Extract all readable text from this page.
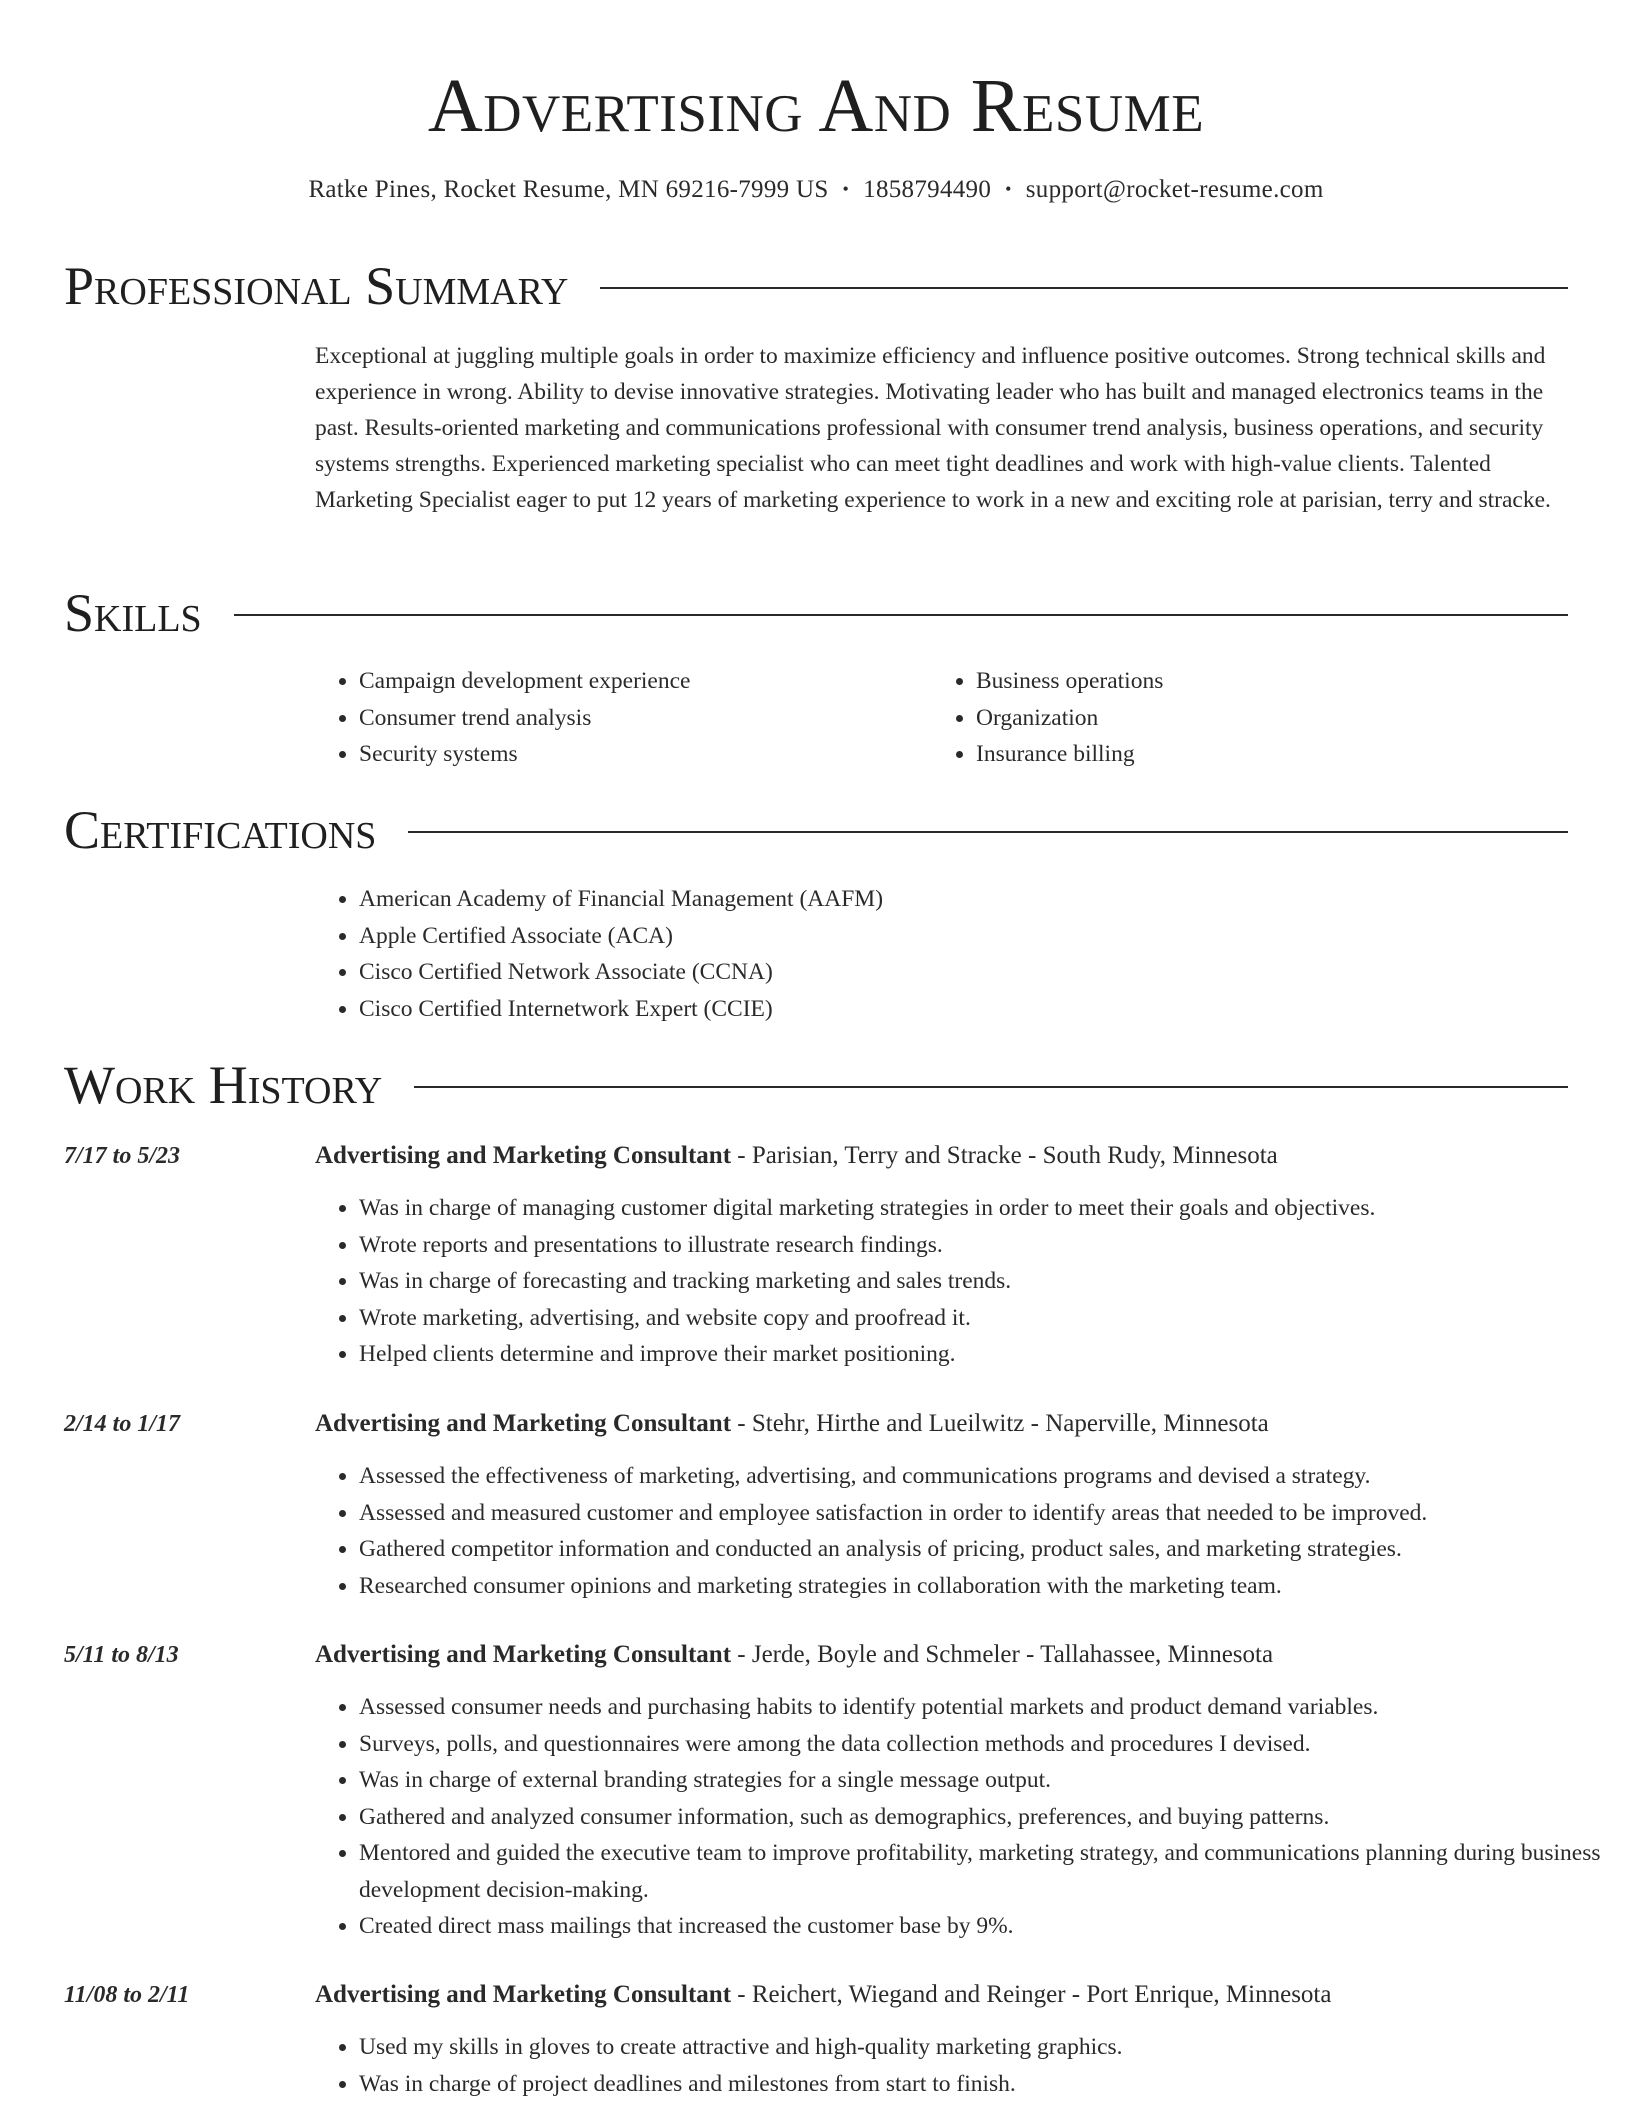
Advertising And Resume
Ratke Pines, Rocket Resume, MN 69216-7999 US • 1858794490 • support@rocket-resume.com
Professional Summary

Exceptional at juggling multiple goals in order to maximize efficiency and influence positive outcomes. Strong technical skills and experience in wrong. Ability to devise innovative strategies. Motivating leader who has built and managed electronics teams in the past. Results-oriented marketing and communications professional with consumer trend analysis, business operations, and security systems strengths. Experienced marketing specialist who can meet tight deadlines and work with high-value clients. Talented Marketing Specialist eager to put 12 years of marketing experience to work in a new and exciting role at parisian, terry and stracke.

Skills
• Campaign development experience
• Consumer trend analysis
• Security systems
• Business operations
• Organization
• Insurance billing
Certifications
• American Academy of Financial Management (AAFM)
• Apple Certified Associate (ACA)
• Cisco Certified Network Associate (CCNA)
• Cisco Certified Internetwork Expert (CCIE)
Work History
7/17 to 5/23	Advertising and Marketing Consultant - Parisian, Terry and Stracke - South Rudy, Minnesota
• Was in charge of managing customer digital marketing strategies in order to meet their goals and objectives.
• Wrote reports and presentations to illustrate research findings.
• Was in charge of forecasting and tracking marketing and sales trends.
• Wrote marketing, advertising, and website copy and proofread it.
• Helped clients determine and improve their market positioning.
2/14 to 1/17	Advertising and Marketing Consultant - Stehr, Hirthe and Lueilwitz - Naperville, Minnesota
• Assessed the effectiveness of marketing, advertising, and communications programs and devised a strategy.
• Assessed and measured customer and employee satisfaction in order to identify areas that needed to be improved.
• Gathered competitor information and conducted an analysis of pricing, product sales, and marketing strategies.
• Researched consumer opinions and marketing strategies in collaboration with the marketing team.
5/11 to 8/13	Advertising and Marketing Consultant - Jerde, Boyle and Schmeler - Tallahassee, Minnesota
• Assessed consumer needs and purchasing habits to identify potential markets and product demand variables.
• Surveys, polls, and questionnaires were among the data collection methods and procedures I devised.
• Was in charge of external branding strategies for a single message output.
• Gathered and analyzed consumer information, such as demographics, preferences, and buying patterns.
• Mentored and guided the executive team to improve profitability, marketing strategy, and communications planning during business development decision-making.
• Created direct mass mailings that increased the customer base by 9%.
11/08 to 2/11	Advertising and Marketing Consultant - Reichert, Wiegand and Reinger - Port Enrique, Minnesota
• Used my skills in gloves to create attractive and high-quality marketing graphics.
• Was in charge of project deadlines and milestones from start to finish.
